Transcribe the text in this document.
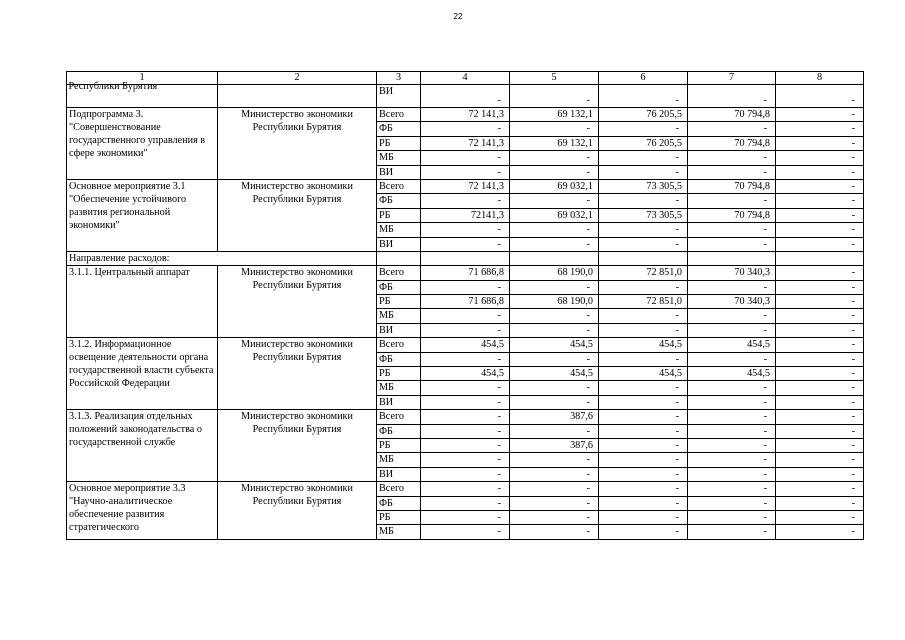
22
1	2	3	4	5	6	7	8

Республики Бурятия		ВИ	-	-	-	-	-
Подпрограмма 3. "Совершенствование государственного управления в сфере экономики"	Министерство экономики Республики Бурятия	Всего	72 141,3	69 132,1	76 205,5	70 794,8	-
		ФБ	-	-	-	-	-
		РБ	72 141,3	69 132,1	76 205,5	70 794,8	-
		МБ	-	-	-	-	-
		ВИ	-	-	-	-	-
Основное мероприятие 3.1 "Обеспечение устойчивого развития региональной экономики"	Министерство экономики Республики Бурятия	Всего	72 141,3	69 032,1	73 305,5	70 794,8	-
		ФБ	-	-	-	-	-
		РБ	72141,3	69 032,1	73 305,5	70 794,8	-
		МБ	-	-	-	-	-
		ВИ	-	-	-	-	-
Направление расходов:							
3.1.1. Центральный аппарат	Министерство экономики Республики Бурятия	Всего	71 686,8	68 190,0	72 851,0	70 340,3	-
		ФБ	-	-	-	-	-
		РБ	71 686,8	68 190,0	72 851,0	70 340,3	-
		МБ	-	-	-	-	-
		ВИ	-	-	-	-	-
3.1.2. Информационное освещение деятельности органа государственной власти субъекта Российской Федерации	Министерство экономики Республики Бурятия	Всего	454,5	454,5	454,5	454,5	-
		ФБ	-	-	-	-	-
		РБ	454,5	454,5	454,5	454,5	-
		МБ	-	-	-	-	-
		ВИ	-	-	-	-	-
3.1.3. Реализация отдельных положений законодательства о государственной службе	Министерство экономики Республики Бурятия	Всего	-	387,6	-	-	-
		ФБ	-	-	-	-	-
		РБ	-	387,6	-	-	-
		МБ	-	-	-	-	-
		ВИ	-	-	-	-	-
Основное мероприятие 3.3 "Научно-аналитическое обеспечение развития стратегического	Министерство экономики Республики Бурятия	Всего	-	-	-	-	-
		ФБ	-	-	-	-	-
		РБ	-	-	-	-	-
		МБ	-	-	-	-	-
